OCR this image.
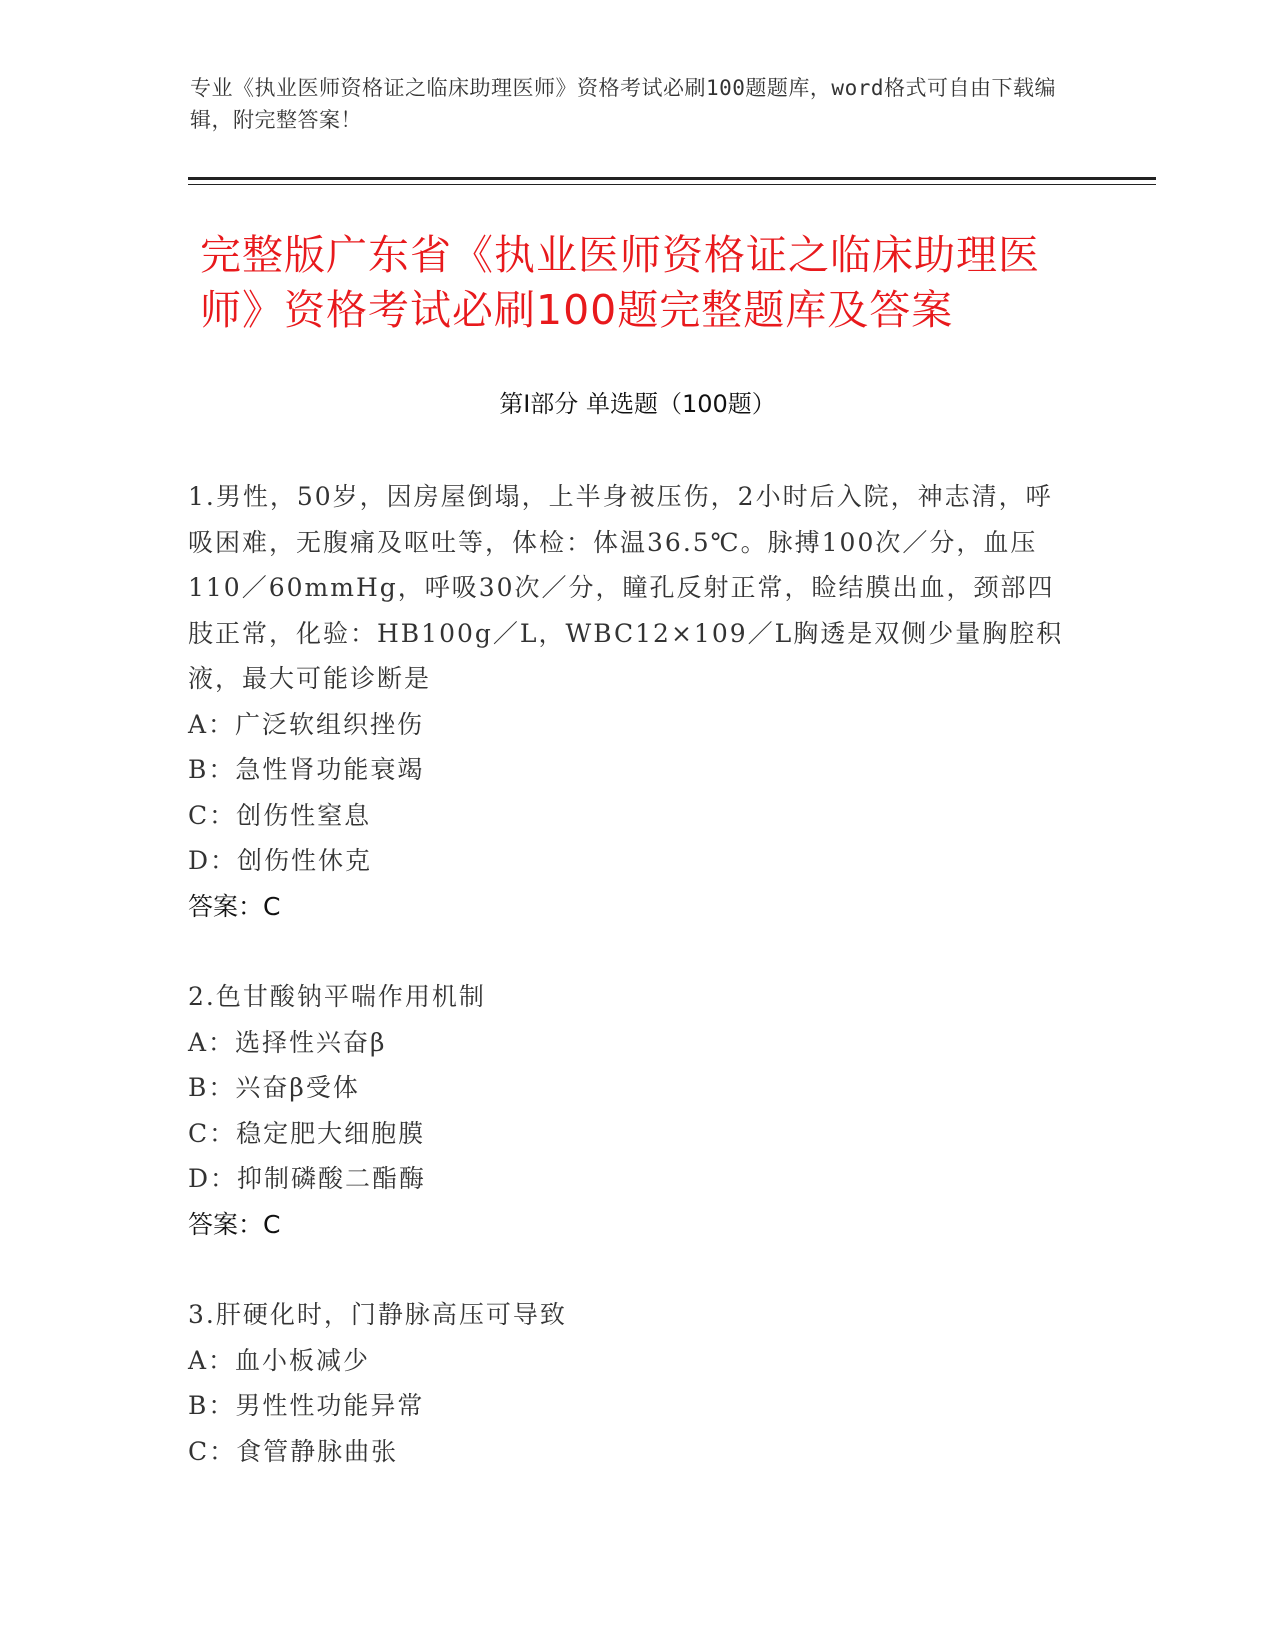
专业《执业医师资格证之临床助理医师》资格考试必刷100题题库，word格式可自由下载编辑，附完整答案！
完整版广东省《执业医师资格证之临床助理医师》资格考试必刷100题完整题库及答案
第Ⅰ部分 单选题（100题）
1.男性，50岁，因房屋倒塌，上半身被压伤，2小时后入院，神志清，呼吸困难，无腹痛及呕吐等，体检：体温36.5℃。脉搏100次／分，血压110／60mmHg，呼吸30次／分，瞳孔反射正常，睑结膜出血，颈部四肢正常，化验：HB100g／L，WBC12×109／L胸透是双侧少量胸腔积液，最大可能诊断是
A：广泛软组织挫伤
B：急性肾功能衰竭
C：创伤性窒息
D：创伤性休克
答案：C
2.色甘酸钠平喘作用机制
A：选择性兴奋β
B：兴奋β受体
C：稳定肥大细胞膜
D：抑制磷酸二酯酶
答案：C
3.肝硬化时，门静脉高压可导致
A：血小板减少
B：男性性功能异常
C：食管静脉曲张
